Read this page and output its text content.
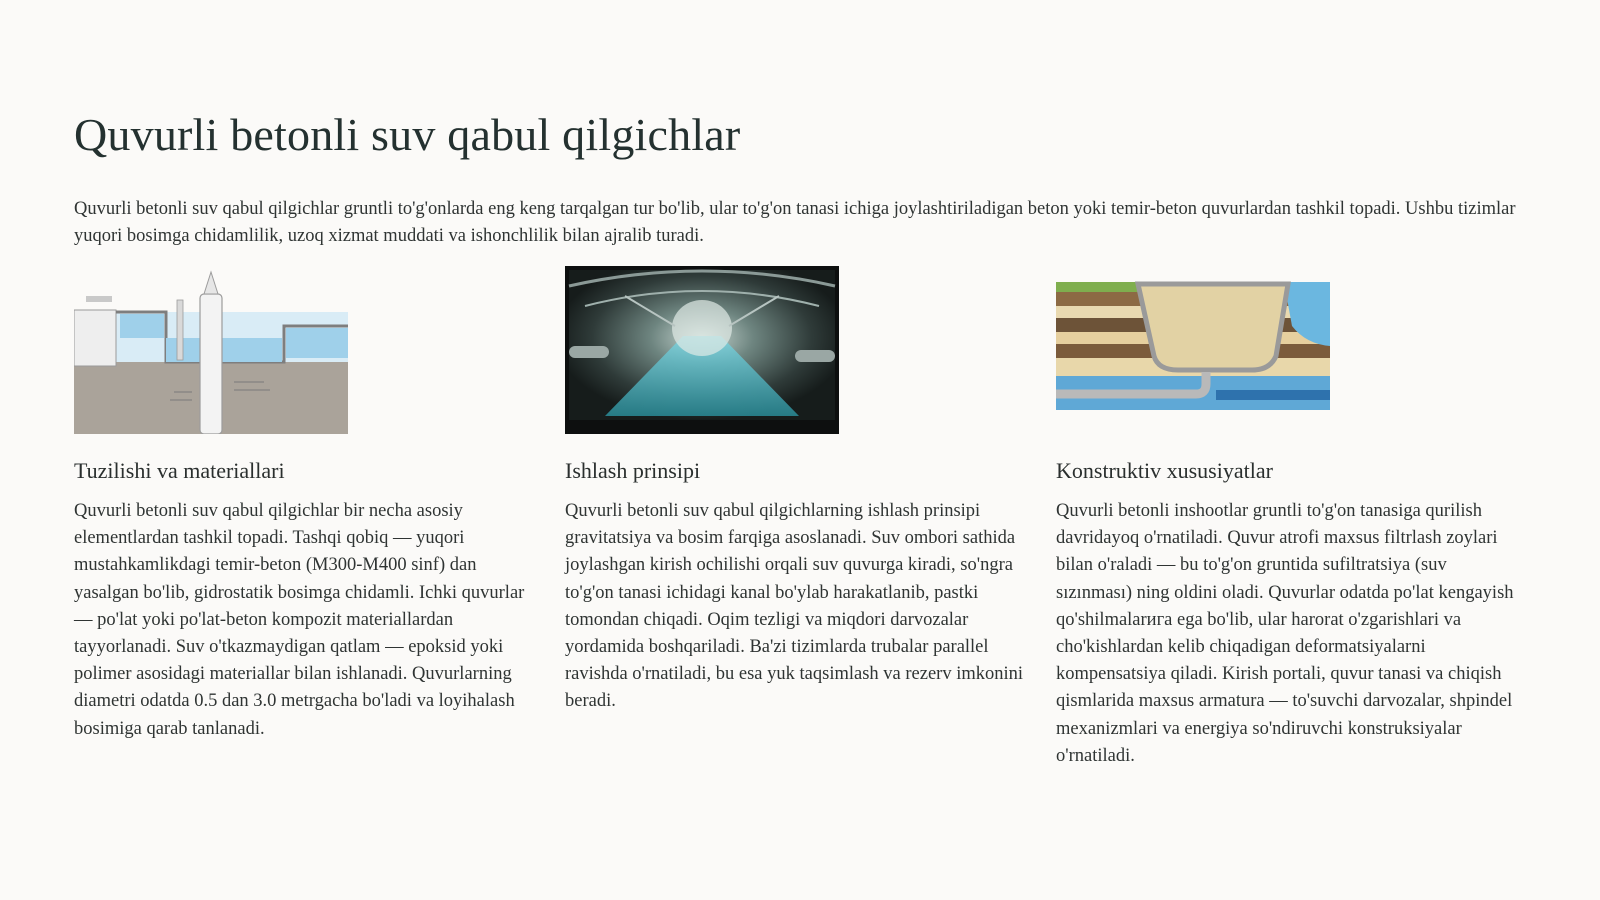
Quvurli betonli suv qabul qilgichlar

Quvurli betonli suv qabul qilgichlar gruntli to'g'onlarda eng keng tarqalgan tur bo'lib, ular to'g'on tanasi ichiga joylashtiriladigan beton yoki temir-beton quvurlardan tashkil topadi. Ushbu tizimlar yuqori bosimga chidamlilik, uzoq xizmat muddati va ishonchlilik bilan ajralib turadi.

Tuzilishi va materiallari

Quvurli betonli suv qabul qilgichlar bir necha asosiy elementlardan tashkil topadi. Tashqi qobiq — yuqori mustahkamlikdagi temir-beton (M300-M400 sinf) dan yasalgan bo'lib, gidrostatik bosimga chidamli. Ichki quvurlar — po'lat yoki po'lat-beton kompozit materiallardan tayyorlanadi. Suv o'tkazmaydigan qatlam — epoksid yoki polimer asosidagi materiallar bilan ishlanadi. Quvurlarning diametri odatda 0.5 dan 3.0 metrgacha bo'ladi va loyihalash bosimiga qarab tanlanadi.

Ishlash prinsipi

Quvurli betonli suv qabul qilgichlarning ishlash prinsipi gravitatsiya va bosim farqiga asoslanadi. Suv ombori sathida joylashgan kirish ochilishi orqali suv quvurga kiradi, so'ngra to'g'on tanasi ichidagi kanal bo'ylab harakatlanib, pastki tomondan chiqadi. Oqim tezligi va miqdori darvozalar yordamida boshqariladi. Ba'zi tizimlarda trubalar parallel ravishda o'rnatiladi, bu esa yuk taqsimlash va rezerv imkonini beradi.

Konstruktiv xususiyatlar

Quvurli betonli inshootlar gruntli to'g'on tanasiga qurilish davridayoq o'rnatiladi. Quvur atrofi maxsus filtrlash zoylari bilan o'raladi — bu to'g'on gruntida sufiltratsiya (suv sızınması) ning oldini oladi. Quvurlar odatda po'lat kengayish qo'shilmalarига ega bo'lib, ular harorat o'zgarishlari va cho'kishlardan kelib chiqadigan deformatsiyalarni kompensatsiya qiladi. Kirish portali, quvur tanasi va chiqish qismlarida maxsus armatura — to'suvchi darvozalar, shpindel mexanizmlari va energiya so'ndiruvchi konstruksiyalar o'rnatiladi.
